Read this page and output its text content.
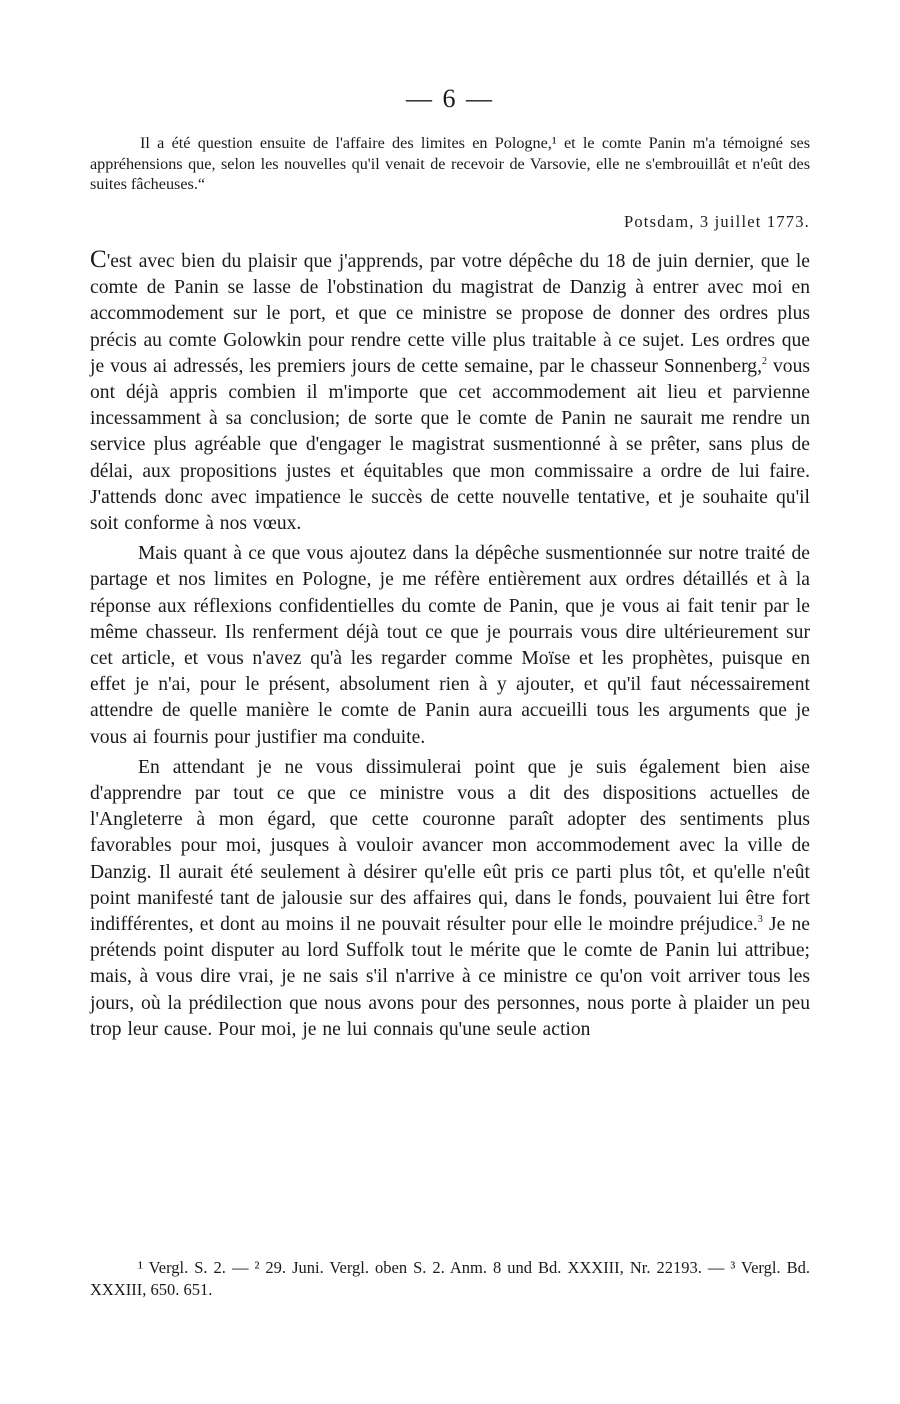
— 6 —
Il a été question ensuite de l'affaire des limites en Pologne,¹ et le comte Panin m'a témoigné ses appréhensions que, selon les nouvelles qu'il venait de recevoir de Varsovie, elle ne s'embrouillât et n'eût des suites fâcheuses.“
Potsdam, 3 juillet 1773.

C'est avec bien du plaisir que j'apprends, par votre dépêche du 18 de juin dernier, que le comte de Panin se lasse de l'obstination du magistrat de Danzig à entrer avec moi en accommodement sur le port, et que ce ministre se propose de donner des ordres plus précis au comte Golowkin pour rendre cette ville plus traitable à ce sujet. Les ordres que je vous ai adressés, les premiers jours de cette semaine, par le chasseur Sonnenberg,$^2$ vous ont déjà appris combien il m'importe que cet accommodement ait lieu et parvienne incessamment à sa conclusion; de sorte que le comte de Panin ne saurait me rendre un service plus agréable que d'engager le magistrat susmentionné à se prêter, sans plus de délai, aux propositions justes et équitables que mon commissaire a ordre de lui faire. J'attends donc avec impatience le succès de cette nouvelle tentative, et je souhaite qu'il soit conforme à nos vœux.

Mais quant à ce que vous ajoutez dans la dépêche susmentionnée sur notre traité de partage et nos limites en Pologne, je me réfère entièrement aux ordres détaillés et à la réponse aux réflexions confidentielles du comte de Panin, que je vous ai fait tenir par le même chasseur. Ils renferment déjà tout ce que je pourrais vous dire ultérieurement sur cet article, et vous n'avez qu'à les regarder comme Moïse et les prophètes, puisque en effet je n'ai, pour le présent, absolument rien à y ajouter, et qu'il faut nécessairement attendre de quelle manière le comte de Panin aura accueilli tous les arguments que je vous ai fournis pour justifier ma conduite.

En attendant je ne vous dissimulerai point que je suis également bien aise d'apprendre par tout ce que ce ministre vous a dit des dispositions actuelles de l'Angleterre à mon égard, que cette couronne paraît adopter des sentiments plus favorables pour moi, jusques à vouloir avancer mon accommodement avec la ville de Danzig. Il aurait été seulement à désirer qu'elle eût pris ce parti plus tôt, et qu'elle n'eût point manifesté tant de jalousie sur des affaires qui, dans le fonds, pouvaient lui être fort indifférentes, et dont au moins il ne pouvait résulter pour elle le moindre préjudice.$^3$ Je ne prétends point disputer au lord Suffolk tout le mérite que le comte de Panin lui attribue; mais, à vous dire vrai, je ne sais s'il n'arrive à ce ministre ce qu'on voit arriver tous les jours, où la prédilection que nous avons pour des personnes, nous porte à plaider un peu trop leur cause. Pour moi, je ne lui connais qu'une seule action

¹ Vergl. S. 2. — ² 29. Juni. Vergl. oben S. 2. Anm. 8 und Bd. XXXIII, Nr. 22193. — ³ Vergl. Bd. XXXIII, 650. 651.
